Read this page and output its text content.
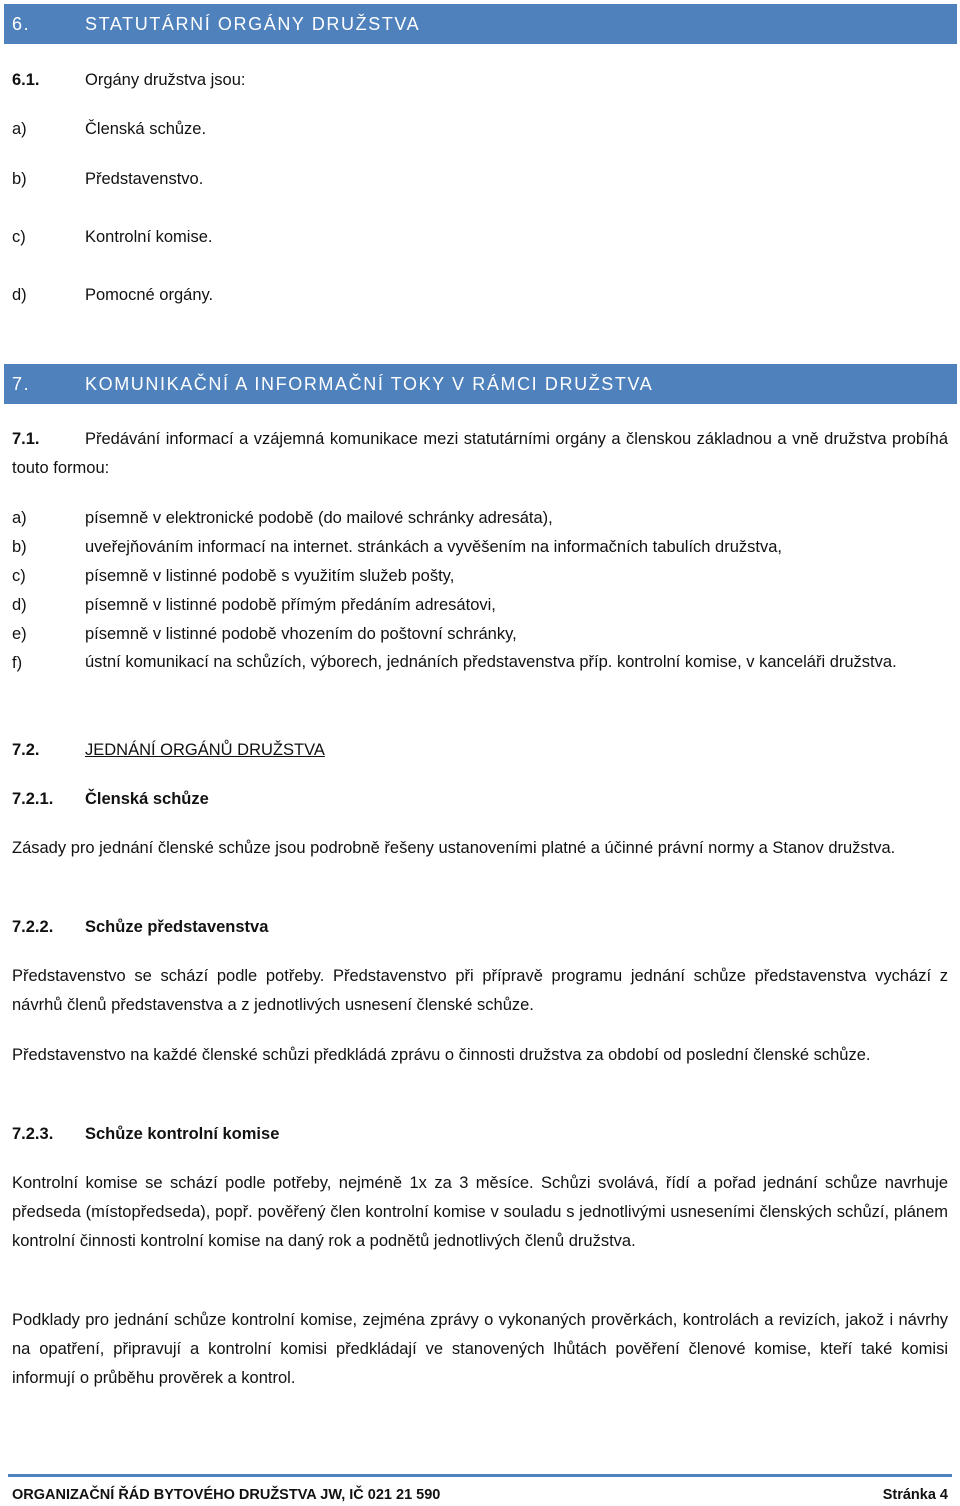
6.	STATUTÁRNÍ ORGÁNY DRUŽSTVA
6.1.	Orgány družstva jsou:
a)	Členská schůze.
b)	Představenstvo.
c)	Kontrolní komise.
d)	Pomocné orgány.
7.	KOMUNIKAČNÍ A INFORMAČNÍ TOKY V RÁMCI DRUŽSTVA
7.1.	Předávání informací a vzájemná komunikace mezi statutárními orgány a členskou základnou a vně družstva probíhá touto formou:
a)	písemně v elektronické podobě (do mailové schránky adresáta),
b)	uveřejňováním informací na internet. stránkách a vyvěšením na informačních tabulích družstva,
c)	písemně v listinné podobě s využitím služeb pošty,
d)	písemně v listinné podobě přímým předáním adresátovi,
e)	písemně v listinné podobě vhozením do poštovní schránky,
f)	ústní komunikací na schůzích, výborech, jednáních představenstva příp. kontrolní komise, v kanceláři družstva.
7.2.	JEDNÁNÍ ORGÁNŮ DRUŽSTVA
7.2.1. Členská schůze
Zásady pro jednání členské schůze jsou podrobně řešeny ustanoveními platné a účinné právní normy a Stanov družstva.
7.2.2. Schůze představenstva
Představenstvo se schází podle potřeby. Představenstvo při přípravě programu jednání schůze představenstva vychází z návrhů členů představenstva a z jednotlivých usnesení členské schůze.
Představenstvo na každé členské schůzi předkládá zprávu o činnosti družstva za období od poslední členské schůze.
7.2.3. Schůze kontrolní komise
Kontrolní komise se schází podle potřeby, nejméně 1x za 3 měsíce. Schůzi svolává, řídí a pořad jednání schůze navrhuje předseda (místopředseda), popř. pověřený člen kontrolní komise v souladu s jednotlivými usneseními členských schůzí, plánem kontrolní činnosti kontrolní komise na daný rok a podnětů jednotlivých členů družstva.
Podklady pro jednání schůze kontrolní komise, zejména zprávy o vykonaných prověrkách, kontrolách a revizích, jakož i návrhy na opatření, připravují a kontrolní komisi předkládají ve stanovených lhůtách pověření členové komise, kteří také komisi informují o průběhu prověrek a kontrol.
ORGANIZAČNÍ ŘÁD BYTOVÉHO DRUŽSTVA JW, IČ 021 21 590	Stránka 4
